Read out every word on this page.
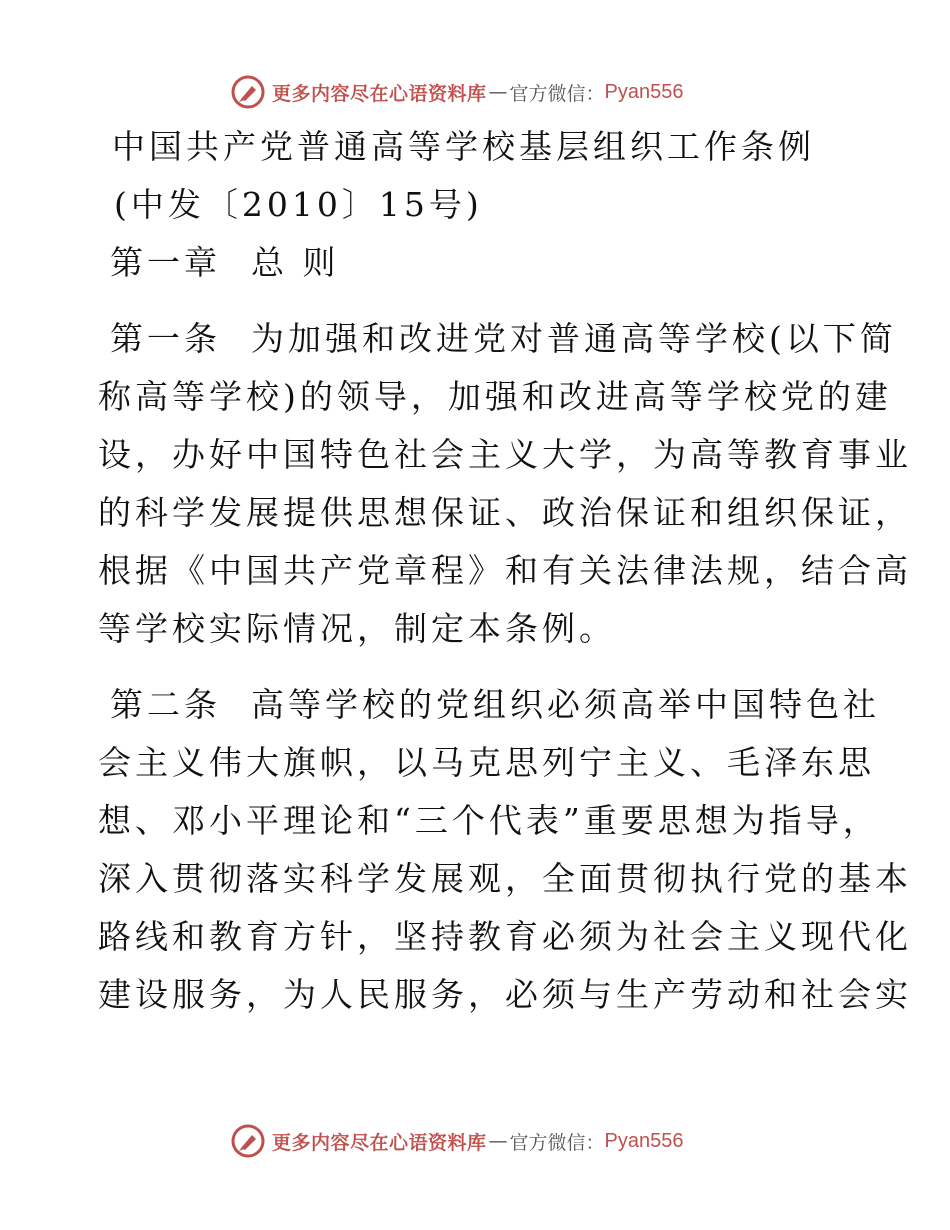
更多内容尽在心语资料库 — 官方微信： Pyan556

中国共产党普通高等学校基层组织工作条例

(中发〔2010〕15号)

第一章 总 则

第一条 为加强和改进党对普通高等学校(以下简

称高等学校)的领导，加强和改进高等学校党的建

设，办好中国特色社会主义大学，为高等教育事业

的科学发展提供思想保证、政治保证和组织保证，

根据《中国共产党章程》和有关法律法规，结合高

等学校实际情况，制定本条例。

第二条 高等学校的党组织必须高举中国特色社

会主义伟大旗帜，以马克思列宁主义、毛泽东思

想、邓小平理论和“三个代表”重要思想为指导，

深入贯彻落实科学发展观，全面贯彻执行党的基本

路线和教育方针，坚持教育必须为社会主义现代化

建设服务，为人民服务，必须与生产劳动和社会实

更多内容尽在心语资料库 — 官方微信： Pyan556
